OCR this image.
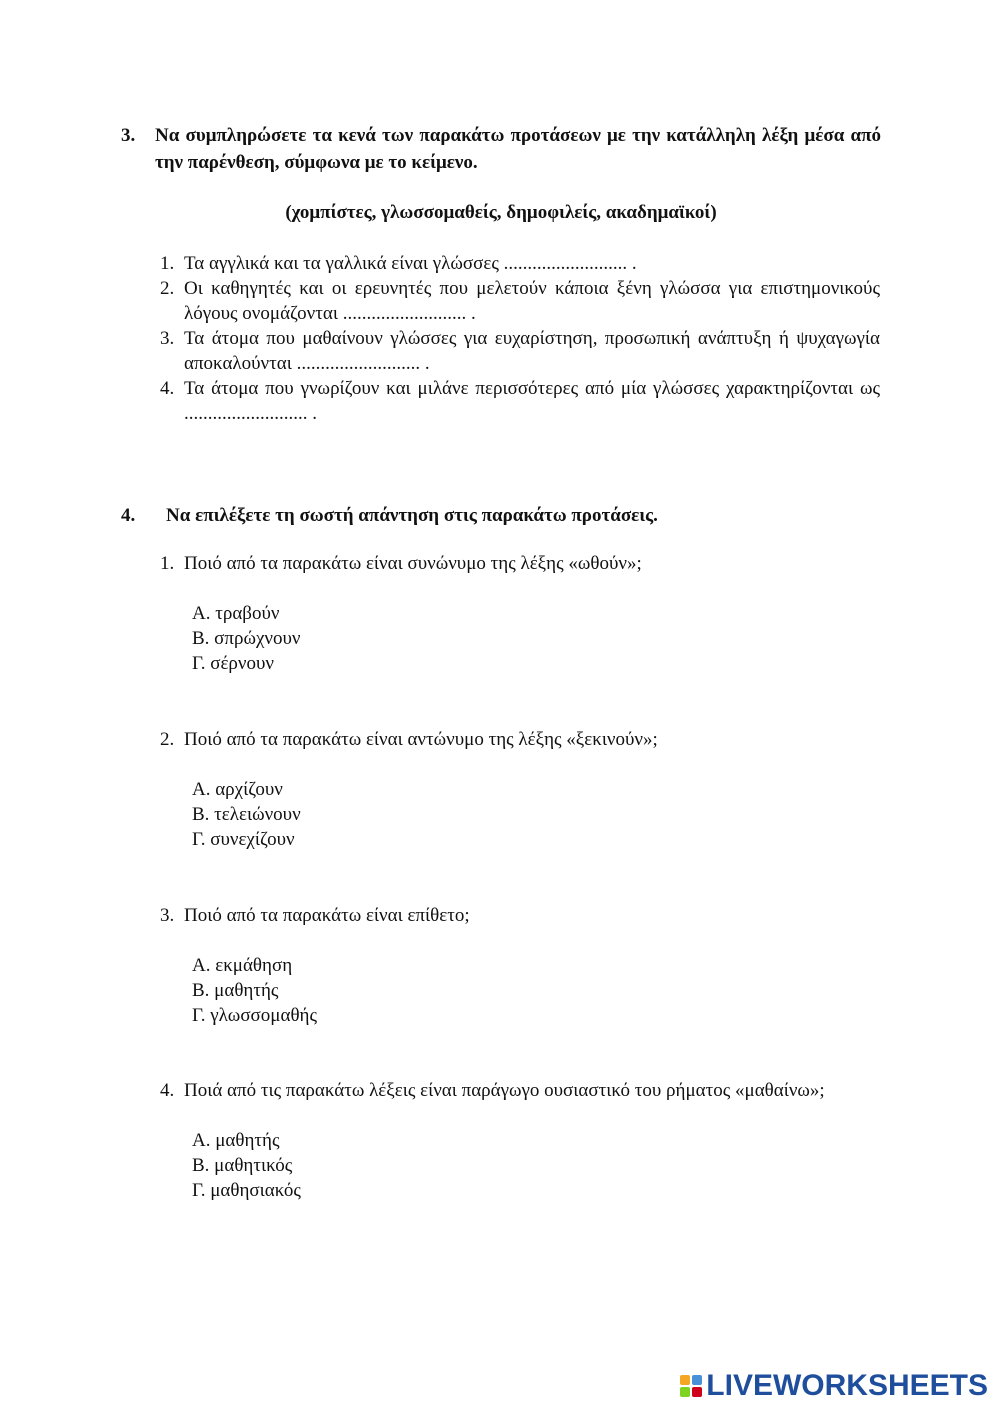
3. Να συμπληρώσετε τα κενά των παρακάτω προτάσεων με την κατάλληλη λέξη μέσα από την παρένθεση, σύμφωνα με το κείμενο.
(χομπίστες, γλωσσομαθείς, δημοφιλείς, ακαδημαϊκοί)
1. Τα αγγλικά και τα γαλλικά είναι γλώσσες .......................... .
2. Οι καθηγητές και οι ερευνητές που μελετούν κάποια ξένη γλώσσα για επιστημονικούς λόγους ονομάζονται .......................... .
3. Τα άτομα που μαθαίνουν γλώσσες για ευχαρίστηση, προσωπική ανάπτυξη ή ψυχαγωγία αποκαλούνται .......................... .
4. Τα άτομα που γνωρίζουν και μιλάνε περισσότερες από μία γλώσσες χαρακτηρίζονται ως .......................... .
4. Να επιλέξετε τη σωστή απάντηση στις παρακάτω προτάσεις.
1. Ποιό από τα παρακάτω είναι συνώνυμο της λέξης «ωθούν»;
Α. τραβούν
Β. σπρώχνουν
Γ. σέρνουν
2. Ποιό από τα παρακάτω είναι αντώνυμο της λέξης «ξεκινούν»;
Α. αρχίζουν
Β. τελειώνουν
Γ. συνεχίζουν
3. Ποιό από τα παρακάτω είναι επίθετο;
Α. εκμάθηση
Β. μαθητής
Γ. γλωσσομαθής
4. Ποιά από τις παρακάτω λέξεις είναι παράγωγο ουσιαστικό του ρήματος «μαθαίνω»;
Α. μαθητής
Β. μαθητικός
Γ. μαθησιακός
LIVEWORKSHEETS
